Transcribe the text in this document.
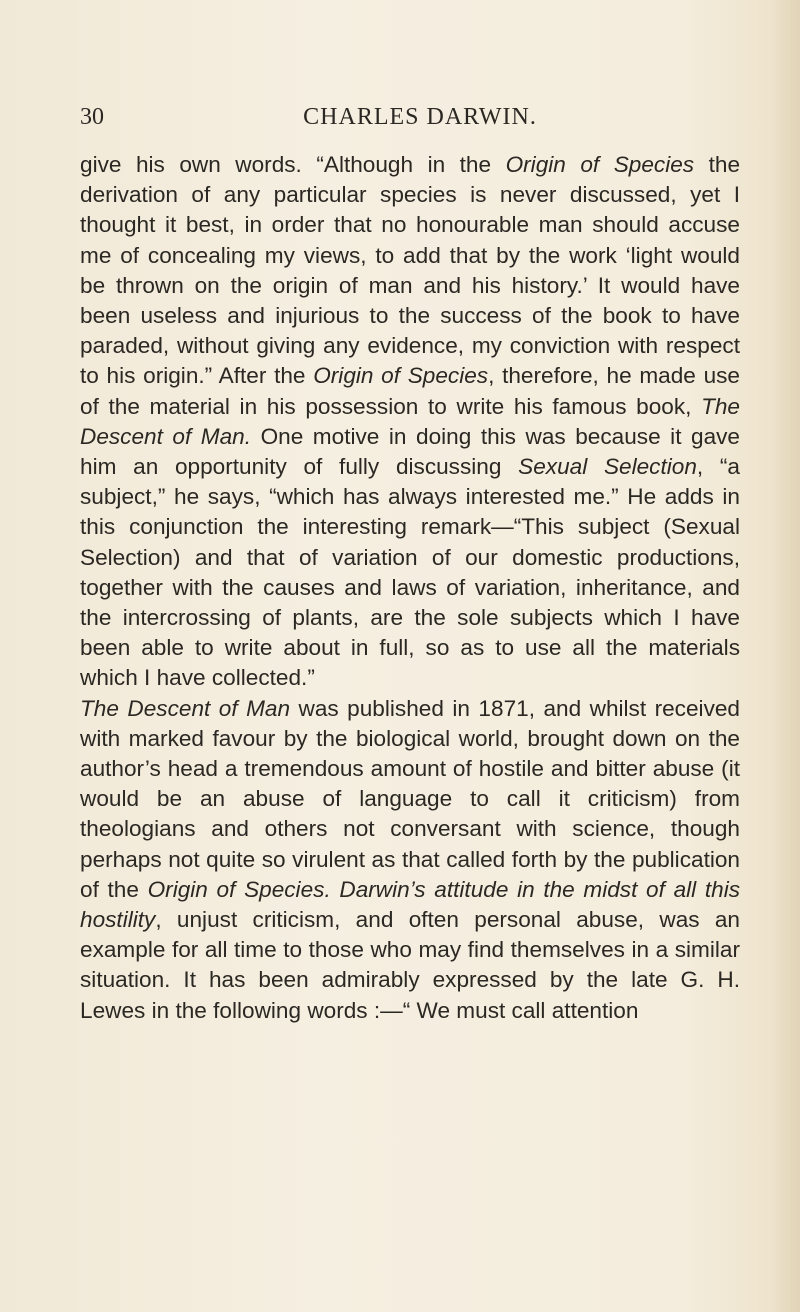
30	CHARLES DARWIN.

give his own words. “Although in the Origin of Species the derivation of any particular species is never discussed, yet I thought it best, in order that no honourable man should accuse me of concealing my views, to add that by the work ‘light would be thrown on the origin of man and his history.’ It would have been useless and injurious to the success of the book to have paraded, without giving any evidence, my conviction with respect to his origin.” After the Origin of Species, therefore, he made use of the material in his possession to write his famous book, The Descent of Man. One motive in doing this was because it gave him an opportunity of fully discussing Sexual Selection, “a subject,” he says, “which has always interested me.” He adds in this conjunction the interesting remark—“This subject (Sexual Selection) and that of variation of our domestic productions, together with the causes and laws of variation, inheritance, and the intercrossing of plants, are the sole subjects which I have been able to write about in full, so as to use all the materials which I have collected.”

The Descent of Man was published in 1871, and whilst received with marked favour by the biological world, brought down on the author’s head a tremendous amount of hostile and bitter abuse (it would be an abuse of language to call it criticism) from theologians and others not conversant with science, though perhaps not quite so virulent as that called forth by the publication of the Origin of Species. Darwin’s attitude in the midst of all this hostility, unjust criticism, and often personal abuse, was an example for all time to those who may find themselves in a similar situation. It has been admirably expressed by the late G. H. Lewes in the following words :—“ We must call attention
